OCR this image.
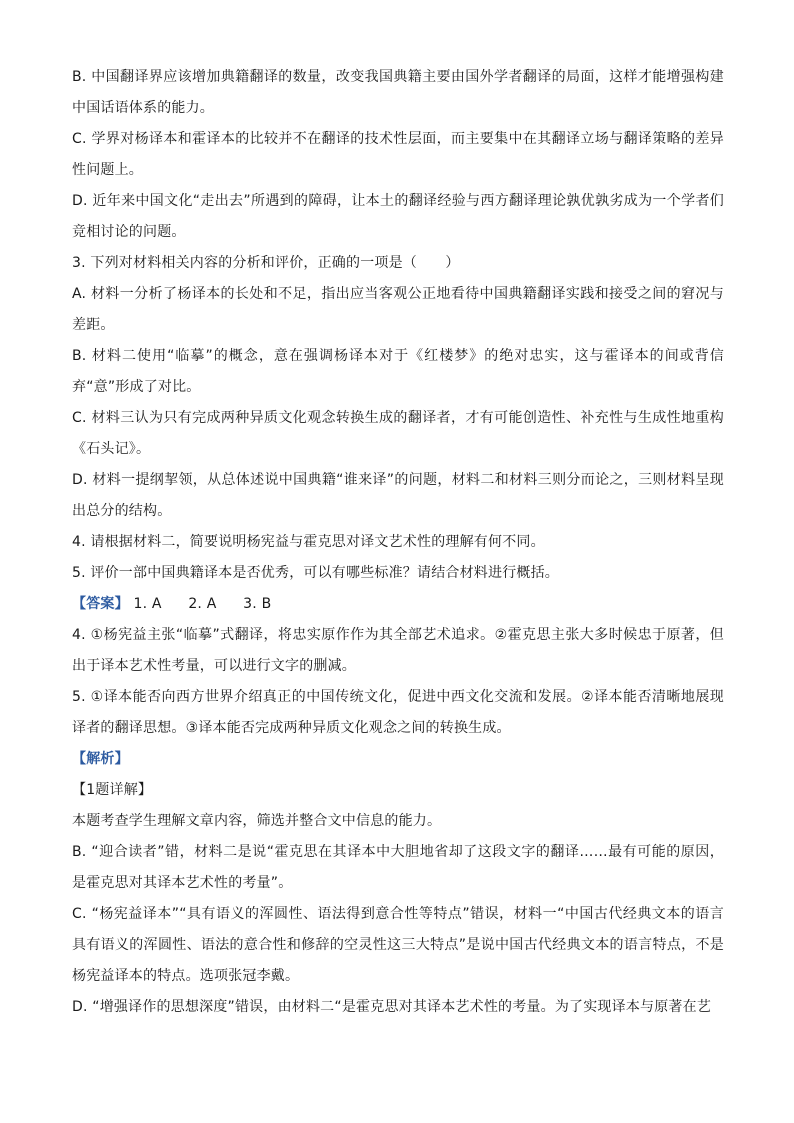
B. 中国翻译界应该增加典籍翻译的数量，改变我国典籍主要由国外学者翻译的局面，这样才能增强构建中国话语体系的能力。

C. 学界对杨译本和霍译本的比较并不在翻译的技术性层面，而主要集中在其翻译立场与翻译策略的差异性问题上。

D. 近年来中国文化“走出去”所遇到的障碍，让本土的翻译经验与西方翻译理论孰优孰劣成为一个学者们竞相讨论的问题。

3. 下列对材料相关内容的分析和评价，正确的一项是（　　）

A. 材料一分析了杨译本的长处和不足，指出应当客观公正地看待中国典籍翻译实践和接受之间的窘况与差距。

B. 材料二使用“临摹”的概念，意在强调杨译本对于《红楼梦》的绝对忠实，这与霍译本的间或背信弃“意”形成了对比。

C. 材料三认为只有完成两种异质文化观念转换生成的翻译者，才有可能创造性、补充性与生成性地重构《石头记》。

D. 材料一提纲挈领，从总体述说中国典籍“谁来译”的问题，材料二和材料三则分而论之，三则材料呈现出总分的结构。

4. 请根据材料二，简要说明杨宪益与霍克思对译文艺术性的理解有何不同。

5. 评价一部中国典籍译本是否优秀，可以有哪些标准？请结合材料进行概括。

【答案】 1. A 2. A 3. B

4. ①杨宪益主张“临摹”式翻译，将忠实原作作为其全部艺术追求。②霍克思主张大多时候忠于原著，但出于译本艺术性考量，可以进行文字的删减。

5. ①译本能否向西方世界介绍真正的中国传统文化，促进中西文化交流和发展。②译本能否清晰地展现译者的翻译思想。③译本能否完成两种异质文化观念之间的转换生成。

【解析】

【1题详解】

本题考查学生理解文章内容，筛选并整合文中信息的能力。

B. “迎合读者”错，材料二是说“霍克思在其译本中大胆地省却了这段文字的翻译……最有可能的原因，是霍克思对其译本艺术性的考量”。

C. “杨宪益译本”“具有语义的浑圆性、语法得到意合性等特点”错误，材料一“中国古代经典文本的语言具有语义的浑圆性、语法的意合性和修辞的空灵性这三大特点”是说中国古代经典文本的语言特点，不是杨宪益译本的特点。选项张冠李戴。

D. “增强译作的思想深度”错误，由材料二“是霍克思对其译本艺术性的考量。为了实现译本与原著在艺
